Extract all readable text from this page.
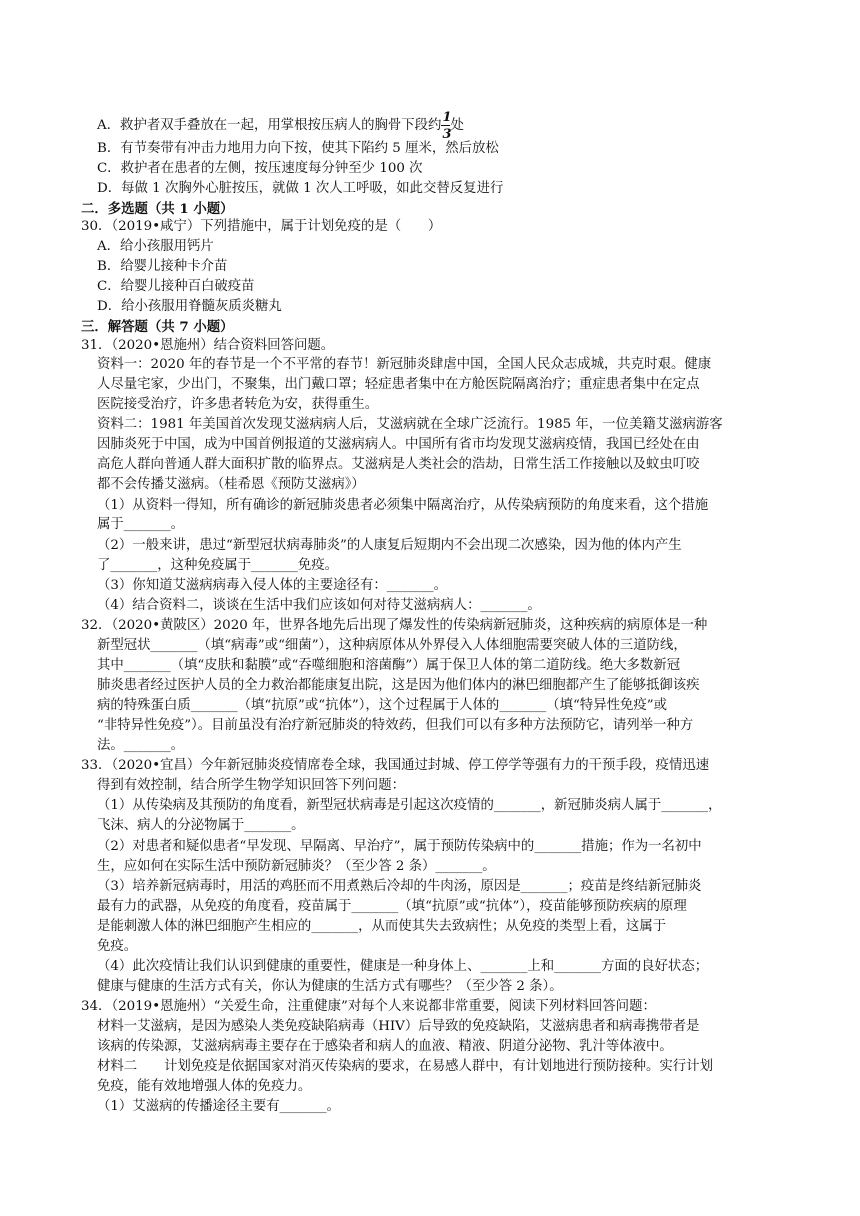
A．救护者双手叠放在一起，用掌根按压病人的胸骨下段约 $\frac{1}{3}$ 处
B．有节奏带有冲击力地用力向下按，使其下陷约 5 厘米，然后放松
C．救护者在患者的左侧，按压速度每分钟至少 100 次
D．每做 1 次胸外心脏按压，就做 1 次人工呼吸，如此交替反复进行
二．多选题（共 1 小题）
30．（2019•咸宁）下列措施中，属于计划免疫的是（　　）
A．给小孩服用钙片
B．给婴儿接种卡介苗
C．给婴儿接种百白破疫苗
D．给小孩服用脊髓灰质炎糖丸
三．解答题（共 7 小题）
31．（2020•恩施州）结合资料回答问题。
资料一：2020 年的春节是一个不平常的春节！新冠肺炎肆虐中国，全国人民众志成城，共克时艰。健康
人尽量宅家，少出门，不聚集，出门戴口罩；轻症患者集中在方舱医院隔离治疗；重症患者集中在定点
医院接受治疗，许多患者转危为安，获得重生。
资料二：1981 年美国首次发现艾滋病病人后，艾滋病就在全球广泛流行。1985 年，一位美籍艾滋病游客
因肺炎死于中国，成为中国首例报道的艾滋病病人。中国所有省市均发现艾滋病疫情，我国已经处在由
高危人群向普通人群大面积扩散的临界点。艾滋病是人类社会的浩劫，日常生活工作接触以及蚊虫叮咬
都不会传播艾滋病。（桂希恩《预防艾滋病》）
（1）从资料一得知，所有确诊的新冠肺炎患者必须集中隔离治疗，从传染病预防的角度来看，这个措施
属于_______。
（2）一般来讲，患过“新型冠状病毒肺炎”的人康复后短期内不会出现二次感染，因为他的体内产生
了_______，这种免疫属于_______免疫。
（3）你知道艾滋病病毒入侵人体的主要途径有：_______。
（4）结合资料二，谈谈在生活中我们应该如何对待艾滋病病人：_______。
32．（2020•黄陂区）2020 年，世界各地先后出现了爆发性的传染病新冠肺炎，这种疾病的病原体是一种
新型冠状_______（填“病毒”或“细菌”），这种病原体从外界侵入人体细胞需要突破人体的三道防线，
其中_______（填“皮肤和黏膜”或“吞噬细胞和溶菌酶”）属于保卫人体的第二道防线。绝大多数新冠
肺炎患者经过医护人员的全力救治都能康复出院，这是因为他们体内的淋巴细胞都产生了能够抵御该疾
病的特殊蛋白质_______（填“抗原”或“抗体”），这个过程属于人体的_______（填“特异性免疫”或
“非特异性免疫”）。目前虽没有治疗新冠肺炎的特效药，但我们可以有多种方法预防它，请列举一种方
法。_______。
33．（2020•宜昌）今年新冠肺炎疫情席卷全球，我国通过封城、停工停学等强有力的干预手段，疫情迅速
得到有效控制，结合所学生物学知识回答下列问题：
（1）从传染病及其预防的角度看，新型冠状病毒是引起这次疫情的_______，新冠肺炎病人属于_______，
飞沫、病人的分泌物属于_______。
（2）对患者和疑似患者“早发现、早隔离、早治疗”，属于预防传染病中的_______措施；作为一名初中
生，应如何在实际生活中预防新冠肺炎？（至少答 2 条）_______。
（3）培养新冠病毒时，用活的鸡胚而不用煮熟后冷却的牛肉汤，原因是_______；疫苗是终结新冠肺炎
最有力的武器，从免疫的角度看，疫苗属于_______（填“抗原”或“抗体”），疫苗能够预防疾病的原理
是能刺激人体的淋巴细胞产生相应的_______，从而使其失去致病性；从免疫的类型上看，这属于
免疫。
（4）此次疫情让我们认识到健康的重要性，健康是一种身体上、_______上和_______方面的良好状态；
健康与健康的生活方式有关，你认为健康的生活方式有哪些？（至少答 2 条）。
34．（2019•恩施州）“关爱生命，注重健康”对每个人来说都非常重要，阅读下列材料回答问题：
材料一艾滋病，是因为感染人类免疫缺陷病毒（HIV）后导致的免疫缺陷，艾滋病患者和病毒携带者是
该病的传染源，艾滋病病毒主要存在于感染者和病人的血液、精液、阴道分泌物、乳汁等体液中。
材料二　　计划免疫是依据国家对消灭传染病的要求，在易感人群中，有计划地进行预防接种。实行计划
免疫，能有效地增强人体的免疫力。
（1）艾滋病的传播途径主要有_______。
